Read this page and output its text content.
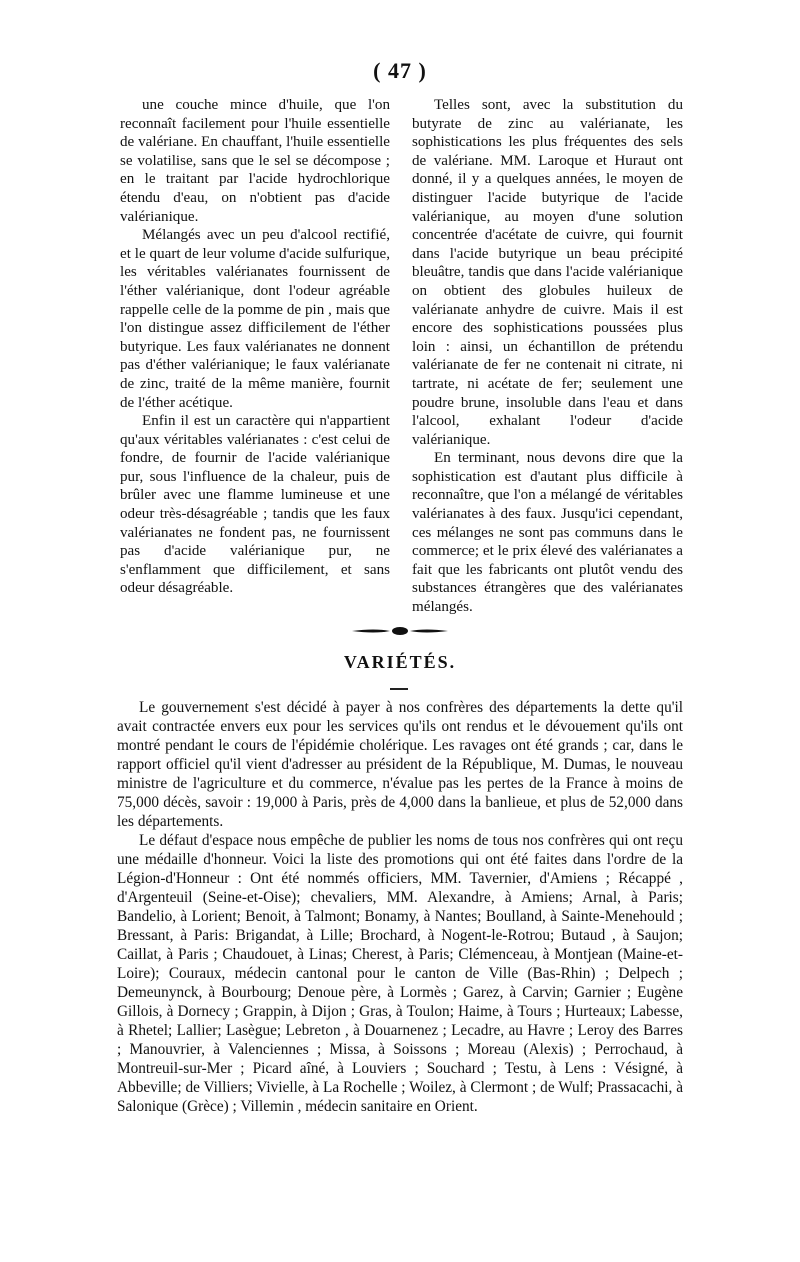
( 47 )

une couche mince d'huile, que l'on reconnaît facilement pour l'huile essentielle de valériane. En chauffant, l'huile essentielle se volatilise, sans que le sel se décompose ; en le traitant par l'acide hydrochlorique étendu d'eau, on n'obtient pas d'acide valérianique.

Mélangés avec un peu d'alcool rectifié, et le quart de leur volume d'acide sulfurique, les véritables valérianates fournissent de l'éther valérianique, dont l'odeur agréable rappelle celle de la pomme de pin , mais que l'on distingue assez difficilement de l'éther butyrique. Les faux valérianates ne donnent pas d'éther valérianique; le faux valérianate de zinc, traité de la même manière, fournit de l'éther acétique.

Enfin il est un caractère qui n'appartient qu'aux véritables valérianates : c'est celui de fondre, de fournir de l'acide valérianique pur, sous l'influence de la chaleur, puis de brûler avec une flamme lumineuse et une odeur très-désagréable ; tandis que les faux valérianates ne fondent pas, ne fournissent pas d'acide valérianique pur, ne s'enflamment que difficilement, et sans odeur désagréable.

Telles sont, avec la substitution du butyrate de zinc au valérianate, les sophistications les plus fréquentes des sels de valériane. MM. Laroque et Huraut ont donné, il y a quelques années, le moyen de distinguer l'acide butyrique de l'acide valérianique, au moyen d'une solution concentrée d'acétate de cuivre, qui fournit dans l'acide butyrique un beau précipité bleuâtre, tandis que dans l'acide valérianique on obtient des globules huileux de valérianate anhydre de cuivre. Mais il est encore des sophistications poussées plus loin : ainsi, un échantillon de prétendu valérianate de fer ne contenait ni citrate, ni tartrate, ni acétate de fer; seulement une poudre brune, insoluble dans l'eau et dans l'alcool, exhalant l'odeur d'acide valérianique.

En terminant, nous devons dire que la sophistication est d'autant plus difficile à reconnaître, que l'on a mélangé de véritables valérianates à des faux. Jusqu'ici cependant, ces mélanges ne sont pas communs dans le commerce; et le prix élevé des valérianates a fait que les fabricants ont plutôt vendu des substances étrangères que des valérianates mélangés.

VARIÉTÉS.

Le gouvernement s'est décidé à payer à nos confrères des départements la dette qu'il avait contractée envers eux pour les services qu'ils ont rendus et le dévouement qu'ils ont montré pendant le cours de l'épidémie cholérique. Les ravages ont été grands ; car, dans le rapport officiel qu'il vient d'adresser au président de la République, M. Dumas, le nouveau ministre de l'agriculture et du commerce, n'évalue pas les pertes de la France à moins de 75,000 décès, savoir : 19,000 à Paris, près de 4,000 dans la banlieue, et plus de 52,000 dans les départements.

Le défaut d'espace nous empêche de publier les noms de tous nos confrères qui ont reçu une médaille d'honneur. Voici la liste des promotions qui ont été faites dans l'ordre de la Légion-d'Honneur : Ont été nommés officiers, MM. Tavernier, d'Amiens ; Récappé , d'Argenteuil (Seine-et-Oise); chevaliers, MM. Alexandre, à Amiens; Arnal, à Paris; Bandelio, à Lorient; Benoit, à Talmont; Bonamy, à Nantes; Boulland, à Sainte-Menehould ; Bressant, à Paris: Brigandat, à Lille; Brochard, à Nogent-le-Rotrou; Butaud , à Saujon; Caillat, à Paris ; Chaudouet, à Linas; Cherest, à Paris; Clémenceau, à Montjean (Maine-et-Loire); Couraux, médecin cantonal pour le canton de Ville (Bas-Rhin) ; Delpech ; Demeunynck, à Bourbourg; Denoue père, à Lormès ; Garez, à Carvin; Garnier ; Eugène Gillois, à Dornecy ; Grappin, à Dijon ; Gras, à Toulon; Haime, à Tours ; Hurteaux; Labesse, à Rhetel; Lallier; Lasègue; Lebreton , à Douarnenez ; Lecadre, au Havre ; Leroy des Barres ; Manouvrier, à Valenciennes ; Missa, à Soissons ; Moreau (Alexis) ; Perrochaud, à Montreuil-sur-Mer ; Picard aîné, à Louviers ; Souchard ; Testu, à Lens : Vésigné, à Abbeville; de Villiers; Vivielle, à La Rochelle ; Woilez, à Clermont ; de Wulf; Prassacachi, à Salonique (Grèce) ; Villemin , médecin sanitaire en Orient.
